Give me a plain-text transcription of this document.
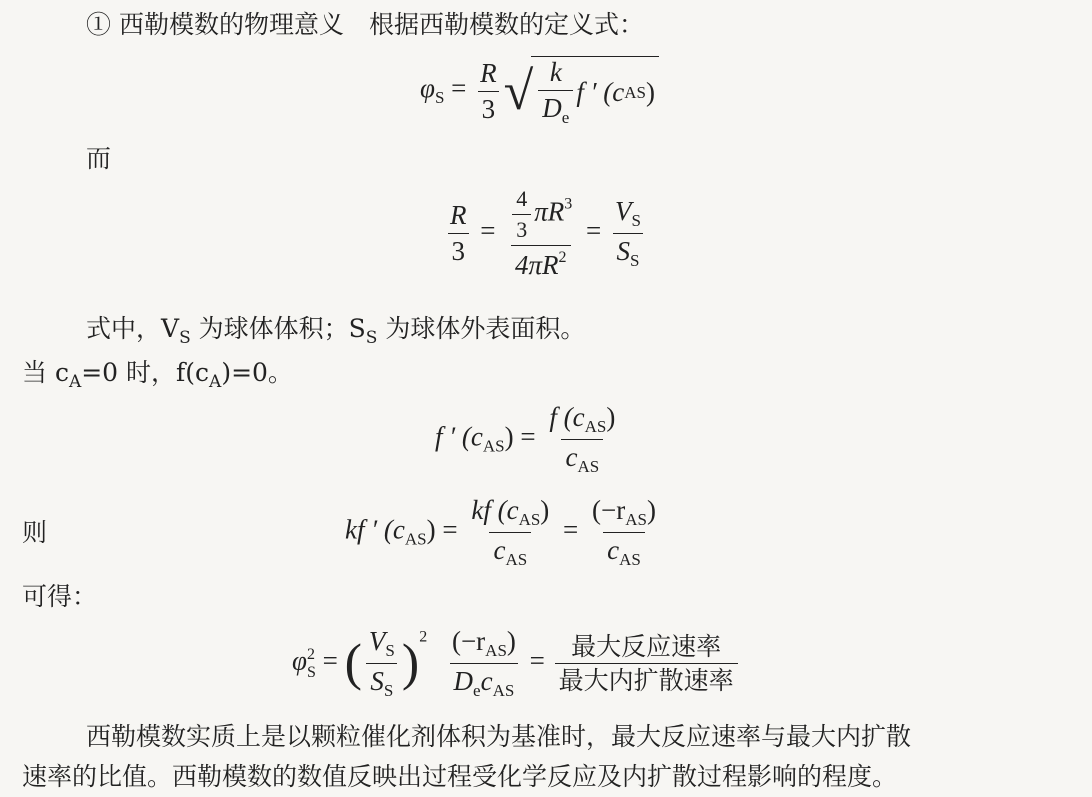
① 西勒模数的物理意义　根据西勒模数的定义式：
$\varphi_S = \frac{R}{3}$ √ $\frac{k}{D_e}$ f ′ (c AS )
而
$\frac{R}{3} = \frac{\frac{4}{3} \pi R^3}{4\pi R^2} = \frac{V_S}{S_S}$
式中，$V_S$ 为球体体积；$S_S$ 为球体外表面积。
当 $c_A=0$ 时，$f(c_A)=0$。
f ′ $(c_{AS}) = \frac{f (c_{AS})}{c_{AS}}$
则	kf ′ $(c_{AS}) = \frac{kf (c_{AS})}{c_{AS}} = \frac{(-r_{AS})}{c_{AS}}$
可得：
φ 2
S = ( $\frac{V_S}{S_S} )^2 \frac{(-r_{AS})}{D_ec_{AS}} = \frac{\text{最大反应速率}}{\text{最大内扩散速率}}$
西勒模数实质上是以颗粒催化剂体积为基准时，最大反应速率与最大内扩散
速率的比值。西勒模数的数值反映出过程受化学反应及内扩散过程影响的程度。
